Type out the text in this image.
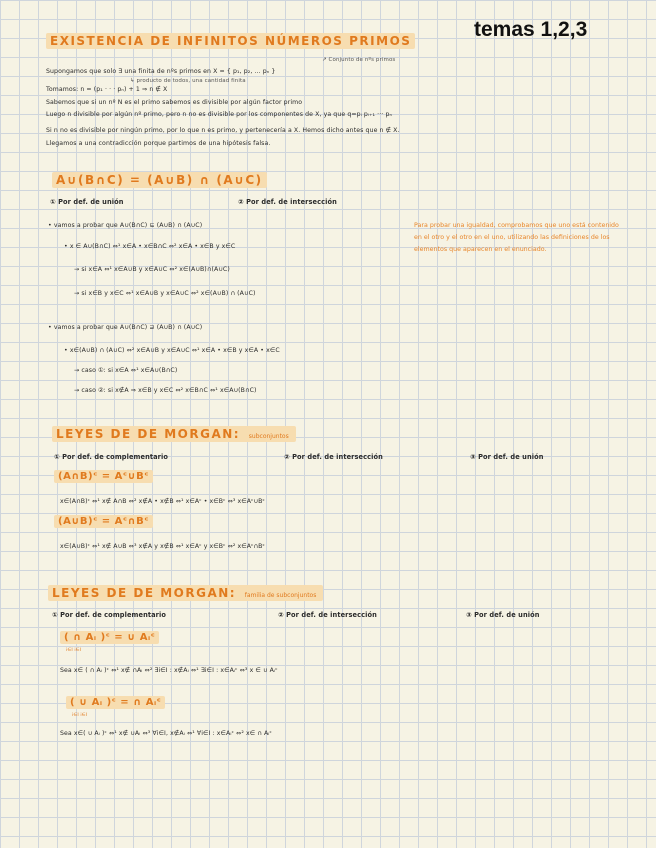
temas 1,2,3
EXISTENCIA DE INFINITOS NÚMEROS PRIMOS
↗ Conjunto de nºs primos
Supongamos que solo ∃ una finita de nºs primos en X = { p₁, p₂, ... pₙ }
↳ producto de todos, una cantidad finita
Tomamos: n = (p₁ · · · pₙ) + 1 ⇒ n ∉ X
Sabemos que si un nº N es el primo sabemos es divisible por algún factor primo
Luego n divisible por algún nº primo, pero n no es divisible por los componentes de X, ya que q=pᵢ pᵢ₊₁ ··· pₙ
Si n no es divisible por ningún primo, por lo que n es primo, y pertenecería a X. Hemos dicho antes que n ∉ X.
Llegamos a una contradicción porque partimos de una hipótesis falsa.
A∪(B∩C) = (A∪B) ∩ (A∪C)
① Por def. de unión	② Por def. de intersección
• vamos a probar que A∪(B∩C) ⊆ (A∪B) ∩ (A∪C)
• x ∈ A∪(B∩C) ⇔¹ x∈A • x∈B∩C ⇔² x∈A • x∈B y x∈C
→ si x∈A ⇔¹ x∈A∪B y x∈A∪C ⇔² x∈(A∪B)∩(A∪C)
→ si x∈B y x∈C ⇔¹ x∈A∪B y x∈A∪C ⇔² x∈(A∪B) ∩ (A∪C)
• vamos a probar que A∪(B∩C) ⊇ (A∪B) ∩ (A∪C)
• x∈(A∪B) ∩ (A∪C) ⇔² x∈A∪B y x∈A∪C ⇔¹ x∈A • x∈B y x∈A • x∈C
→ caso ①: si x∈A ⇔¹ x∈A∪(B∩C)
→ caso ②: si x∉A ⇒ x∈B y x∈C ⇔² x∈B∩C ⇔¹ x∈A∪(B∩C)
Para probar una igualdad, comprobamos que uno está contenido en el otro y el otro en el uno, utilizando las definiciones de los elementos que aparecen en el enunciado.
LEYES DE DE MORGAN: subconjuntos
① Por def. de complementario	② Por def. de intersección	③ Por def. de unión
(A∩B)ᶜ = Aᶜ∪Bᶜ
x∈(A∩B)ᶜ ⇔¹ x∉ A∩B ⇔² x∉A • x∉B ⇔¹ x∈Aᶜ • x∈Bᶜ ⇔³ x∈Aᶜ∪Bᶜ
(A∪B)ᶜ = Aᶜ∩Bᶜ
x∈(A∪B)ᶜ ⇔¹ x∉ A∪B ⇔³ x∉A y x∉B ⇔¹ x∈Aᶜ y x∈Bᶜ ⇔² x∈Aᶜ∩Bᶜ
LEYES DE DE MORGAN: familia de subconjuntos
① Por def. de complementario	② Por def. de intersección	③ Por def. de unión
( ∩ Aᵢ )ᶜ = ∪ Aᵢᶜ
i∈I i∈I
Sea x∈ ( ∩ Aᵢ )ᶜ ⇔¹ x∉ ∩Aᵢ ⇔² ∃i∈I : x∉Aᵢ ⇔¹ ∃i∈I : x∈Aᵢᶜ ⇔³ x ∈ ∪ Aᵢᶜ
( ∪ Aᵢ )ᶜ = ∩ Aᵢᶜ
i∈I i∈I
Sea x∈( ∪ Aᵢ )ᶜ ⇔¹ x∉ ∪Aᵢ ⇔³ ∀i∈I, x∉Aᵢ ⇔¹ ∀i∈I : x∈Aᵢᶜ ⇔² x∈ ∩ Aᵢᶜ
